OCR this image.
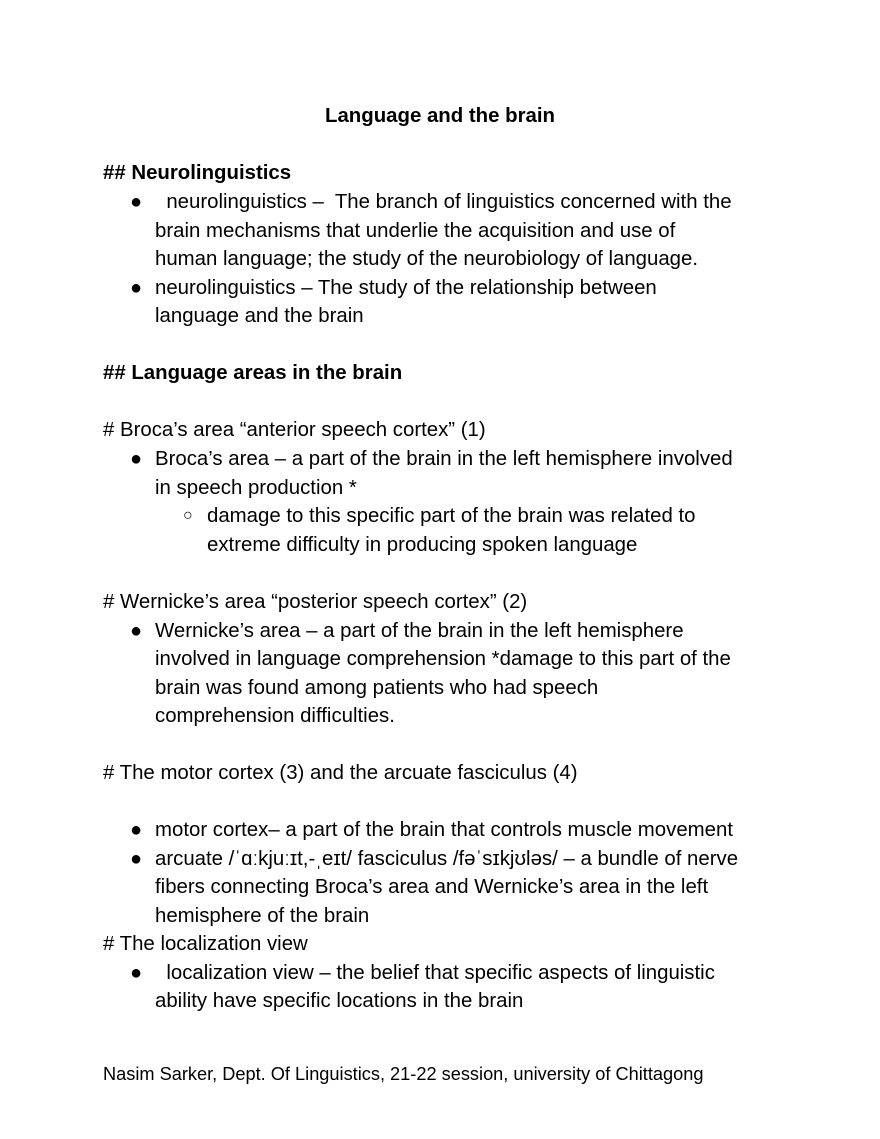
Language and the brain
## Neurolinguistics
● neurolinguistics –  The branch of linguistics concerned with the
brain mechanisms that underlie the acquisition and use of
human language; the study of the neurobiology of language.
● neurolinguistics – The study of the relationship between
language and the brain
## Language areas in the brain
# Broca’s area “anterior speech cortex” (1)
● Broca’s area – a part of the brain in the left hemisphere involved
in speech production *
○ damage to this specific part of the brain was related to
extreme difficulty in producing spoken language
# Wernicke’s area “posterior speech cortex” (2)
● Wernicke’s area – a part of the brain in the left hemisphere
involved in language comprehension *damage to this part of the
brain was found among patients who had speech
comprehension difficulties.
# The motor cortex (3) and the arcuate fasciculus (4)
● motor cortex– a part of the brain that controls muscle movement
● arcuate /ˈɑːkjuːɪt,-ˌeɪt/ fasciculus /fəˈsɪkjʊləs/ – a bundle of nerve
fibers connecting Broca’s area and Wernicke’s area in the left
hemisphere of the brain
# The localization view
● localization view – the belief that specific aspects of linguistic
ability have specific locations in the brain
Nasim Sarker, Dept. Of Linguistics, 21-22 session, university of Chittagong
